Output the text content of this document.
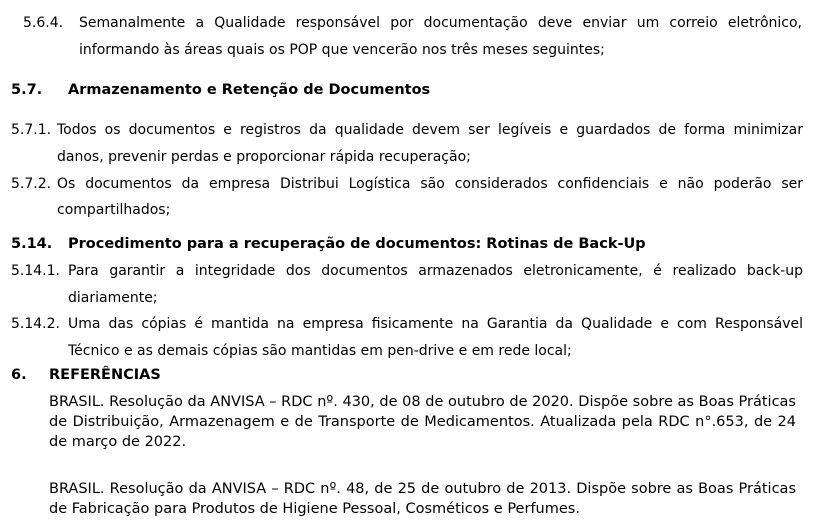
5.6.4. Semanalmente a Qualidade responsável por documentação deve enviar um correio eletrônico,
informando às áreas quais os POP que vencerão nos três meses seguintes;
5.7. Armazenamento e Retenção de Documentos
5.7.1. Todos os documentos e registros da qualidade devem ser legíveis e guardados de forma minimizar
danos, prevenir perdas e proporcionar rápida recuperação;
5.7.2. Os documentos da empresa Distribui Logística são considerados confidenciais e não poderão ser
compartilhados;
5.14. Procedimento para a recuperação de documentos: Rotinas de Back-Up
5.14.1. Para garantir a integridade dos documentos armazenados eletronicamente, é realizado back-up
diariamente;
5.14.2. Uma das cópias é mantida na empresa fisicamente na Garantia da Qualidade e com Responsável
Técnico e as demais cópias são mantidas em pen-drive e em rede local;
6. REFERÊNCIAS
BRASIL. Resolução da ANVISA – RDC nº. 430, de 08 de outubro de 2020. Dispõe sobre as Boas Práticas
de Distribuição, Armazenagem e de Transporte de Medicamentos. Atualizada pela RDC n°.653, de 24
de março de 2022.
BRASIL. Resolução da ANVISA – RDC nº. 48, de 25 de outubro de 2013. Dispõe sobre as Boas Práticas
de Fabricação para Produtos de Higiene Pessoal, Cosméticos e Perfumes.
